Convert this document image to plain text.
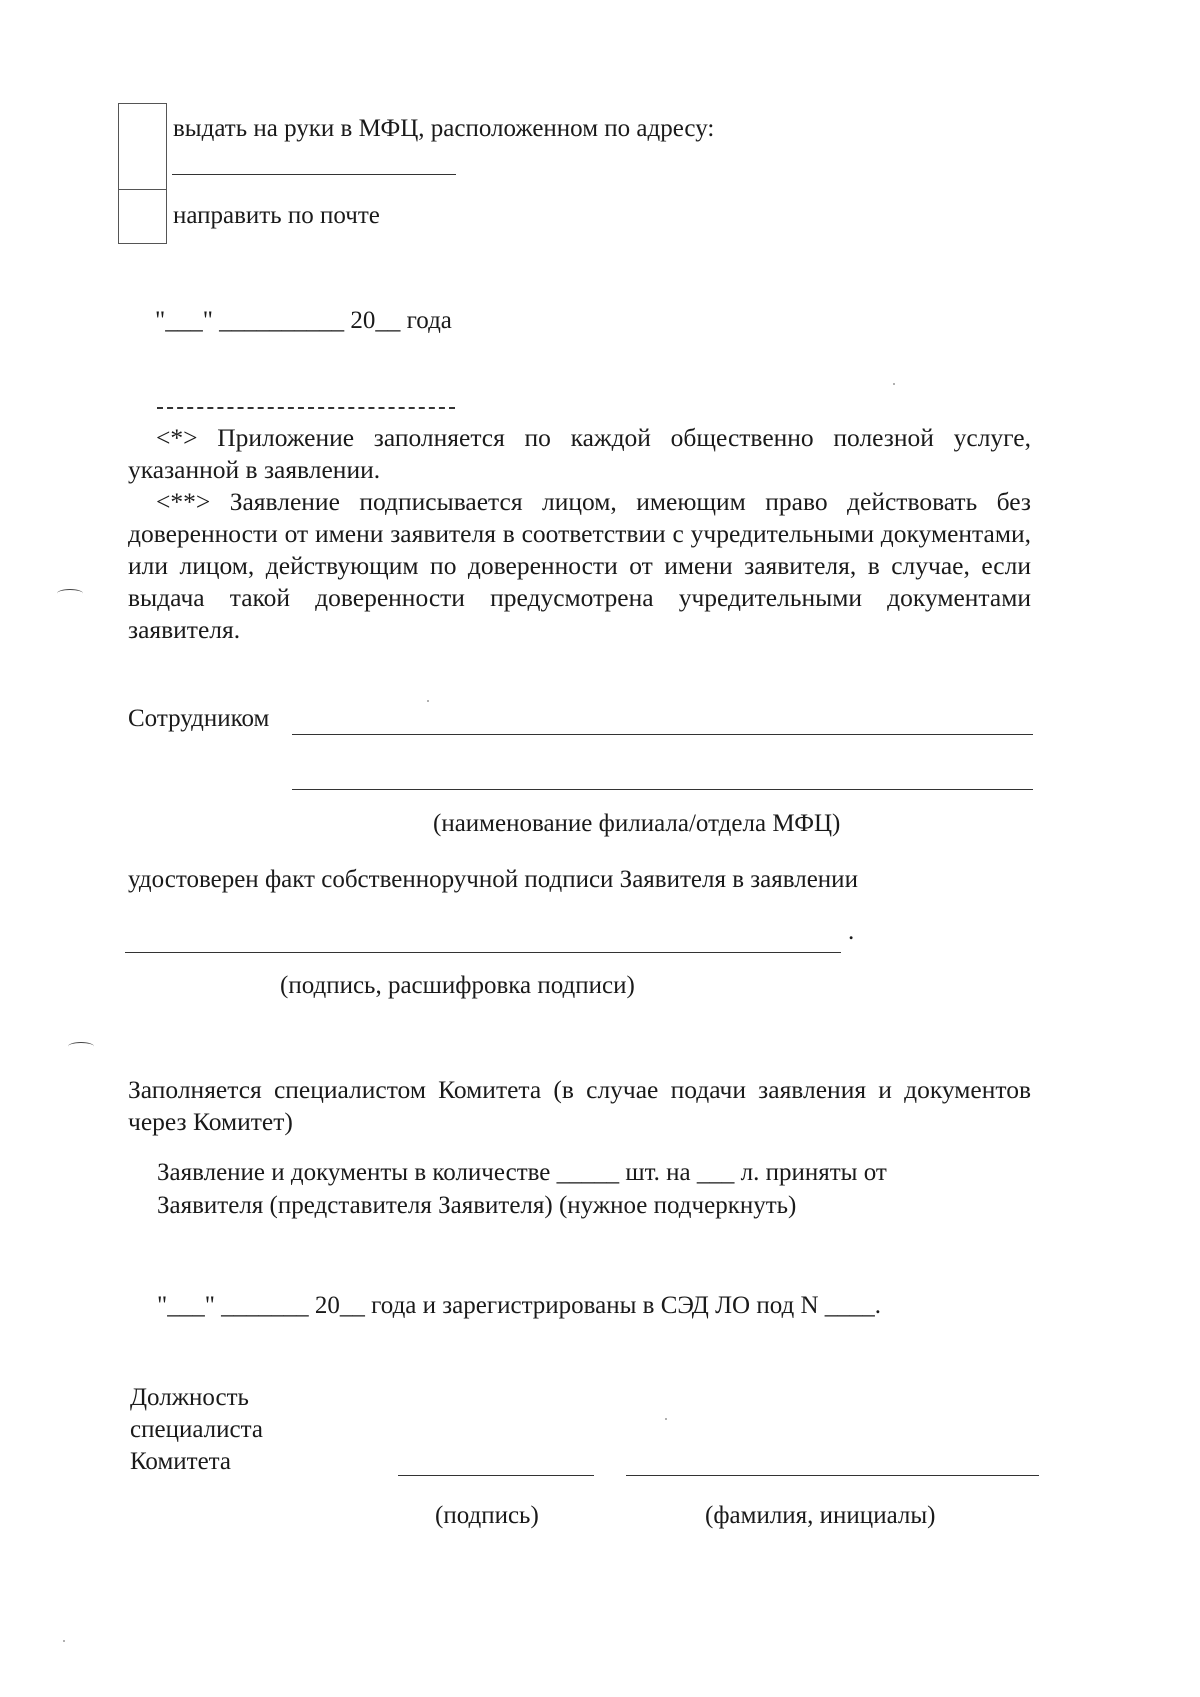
выдать на руки в МФЦ, расположенном по адресу:
направить по почте
"___" __________ 20__ года
<*> Приложение заполняется по каждой общественно полезной услуге, указанной в заявлении.
<**> Заявление подписывается лицом, имеющим право действовать без доверенности от имени заявителя в соответствии с учредительными документами, или лицом, действующим по доверенности от имени заявителя, в случае, если выдача такой доверенности предусмотрена учредительными документами заявителя.
Сотрудником
(наименование филиала/отдела МФЦ)
удостоверен факт собственноручной подписи Заявителя в заявлении
.
(подпись, расшифровка подписи)
Заполняется специалистом Комитета (в случае подачи заявления и документов через Комитет)
Заявление и документы в количестве _____ шт. на ___ л. приняты от
Заявителя (представителя Заявителя) (нужное подчеркнуть)
"___" _______ 20__ года и зарегистрированы в СЭД ЛО под N ____.
Должность
специалиста
Комитета
(подпись)	(фамилия, инициалы)
